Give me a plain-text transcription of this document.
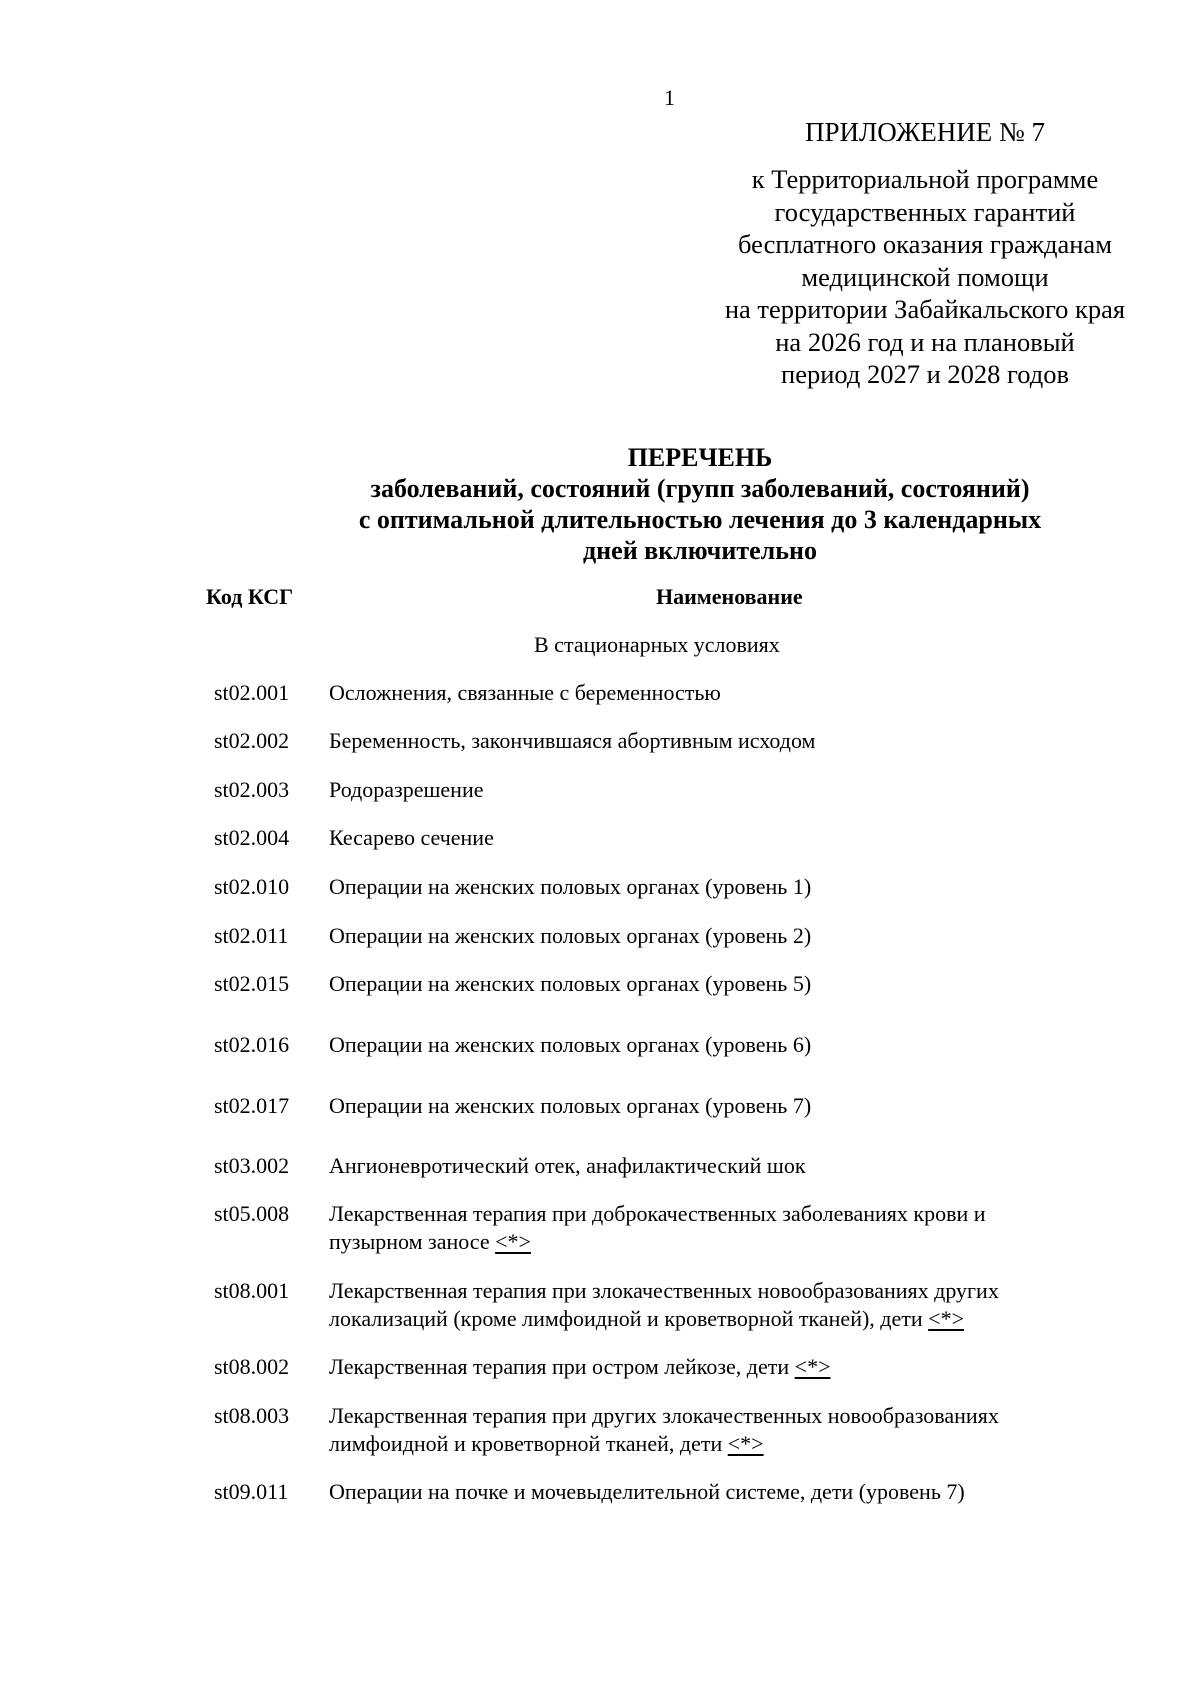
1
ПРИЛОЖЕНИЕ № 7
к Территориальной программе
государственных гарантий
бесплатного оказания гражданам
медицинской помощи
на территории Забайкальского края
на 2026 год и на плановый
период 2027 и 2028 годов
ПЕРЕЧЕНЬ
заболеваний, состояний (групп заболеваний, состояний)
с оптимальной длительностью лечения до 3 календарных
дней включительно
Код КСГ	Наименование
В стационарных условиях
st02.001 Осложнения, связанные с беременностью
st02.002 Беременность, закончившаяся абортивным исходом
st02.003 Родоразрешение
st02.004 Кесарево сечение
st02.010 Операции на женских половых органах (уровень 1)
st02.011 Операции на женских половых органах (уровень 2)
st02.015 Операции на женских половых органах (уровень 5)
st02.016 Операции на женских половых органах (уровень 6)
st02.017 Операции на женских половых органах (уровень 7)
st03.002 Ангионевротический отек, анафилактический шок
st05.008 Лекарственная терапия при доброкачественных заболеваниях крови и
пузырном заносе <*>
st08.001 Лекарственная терапия при злокачественных новообразованиях других
локализаций (кроме лимфоидной и кроветворной тканей), дети <*>
st08.002 Лекарственная терапия при остром лейкозе, дети <*>
st08.003 Лекарственная терапия при других злокачественных новообразованиях
лимфоидной и кроветворной тканей, дети <*>
st09.011 Операции на почке и мочевыделительной системе, дети (уровень 7)
